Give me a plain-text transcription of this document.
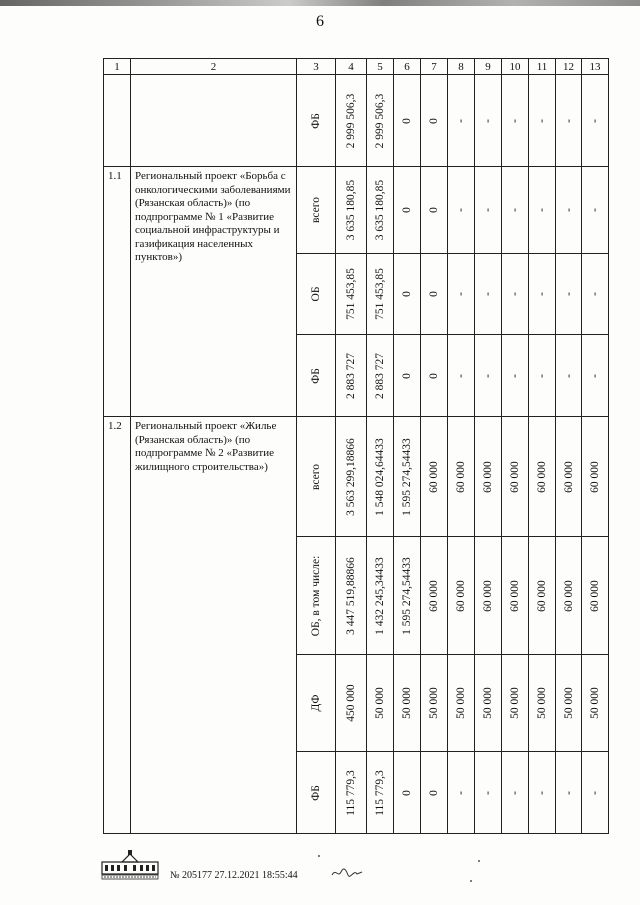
6
1	2	3	4	5	6	7	8	9	10	11	12	13

		ФБ	2 999 506,3	2 999 506,3	0	0	-	-	-	-	-	-

1.1	Региональный проект «Борьба с онкологическими заболеваниями (Рязанская область)» (по подпрограмме № 1 «Развитие социальной инфраструктуры и газификация населенных пунктов»)	всего	3 635 180,85	3 635 180,85	0	0	-	-	-	-	-	-

		ОБ	751 453,85	751 453,85	0	0	-	-	-	-	-	-

		ФБ	2 883 727	2 883 727	0	0	-	-	-	-	-	-

1.2	Региональный проект «Жилье (Рязанская область)» (по подпрограмме № 2 «Развитие жилищного строительства»)	всего	3 563 299,18866	1 548 024,64433	1 595 274,54433	60 000	60 000	60 000	60 000	60 000	60 000	60 000

		ОБ, в том числе:	3 447 519,88866	1 432 245,34433	1 595 274,54433	60 000	60 000	60 000	60 000	60 000	60 000	60 000

		ДФ	450 000	50 000	50 000	50 000	50 000	50 000	50 000	50 000	50 000	50 000

		ФБ	115 779,3	115 779,3	0	0	-	-	-	-	-	-
№ 205177 27.12.2021 18:55:44
